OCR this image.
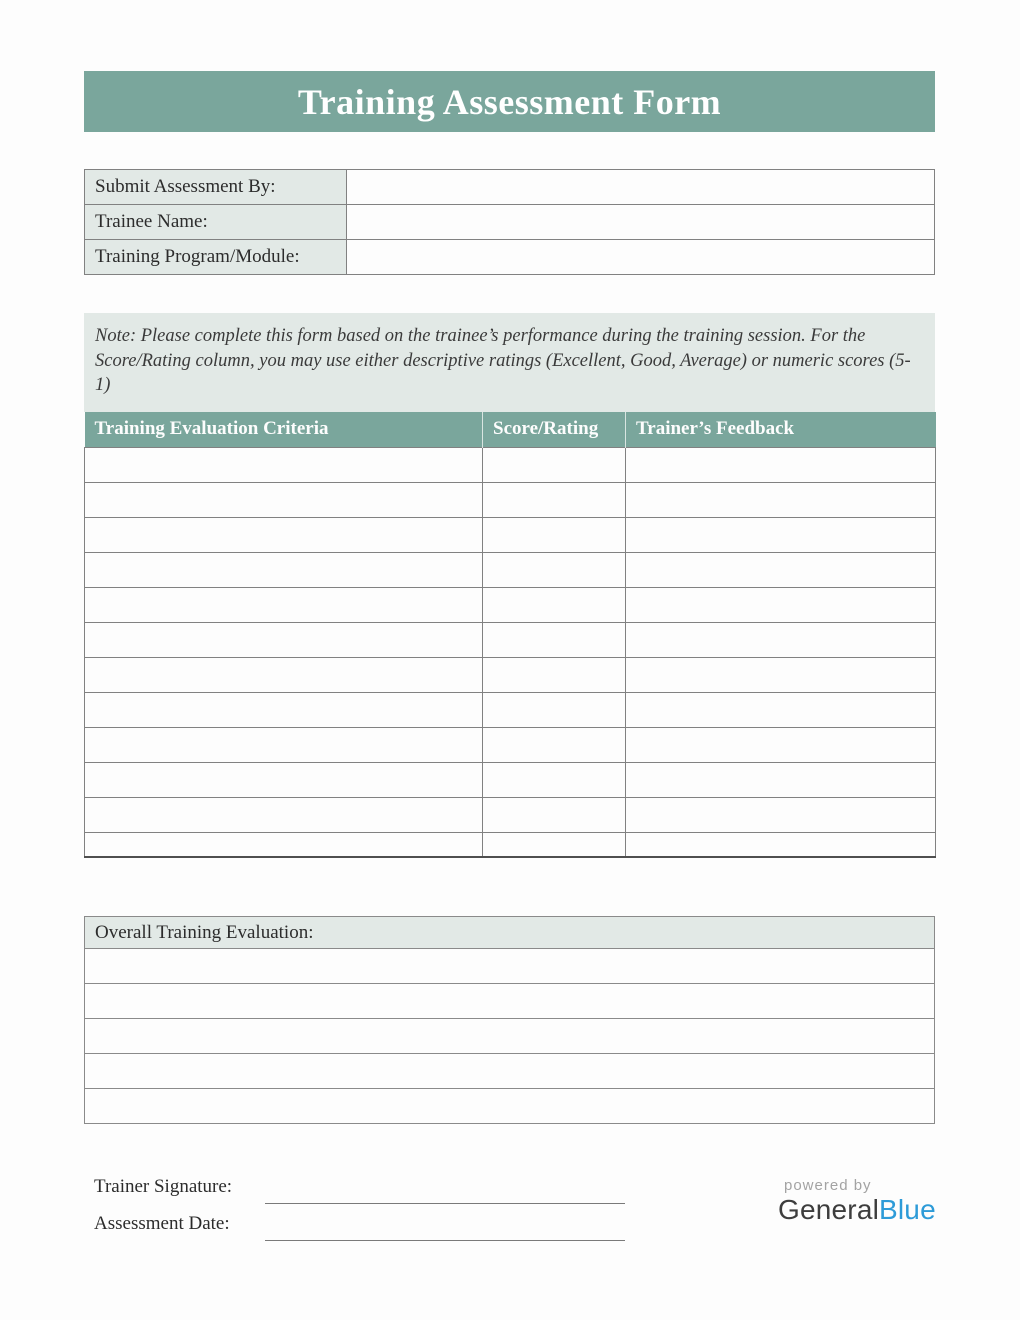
Training Assessment Form
Submit Assessment By:	
Trainee Name:	
Training Program/Module:	
Note: Please complete this form based on the trainee’s performance during the training session. For the Score/Rating column, you may use either descriptive ratings (Excellent, Good, Average) or numeric scores (5-1)
Training Evaluation Criteria	Score/Rating	Trainer’s Feedback

Overall Training Evaluation:

Trainer Signature:
Assessment Date:
powered by
GeneralBlue
